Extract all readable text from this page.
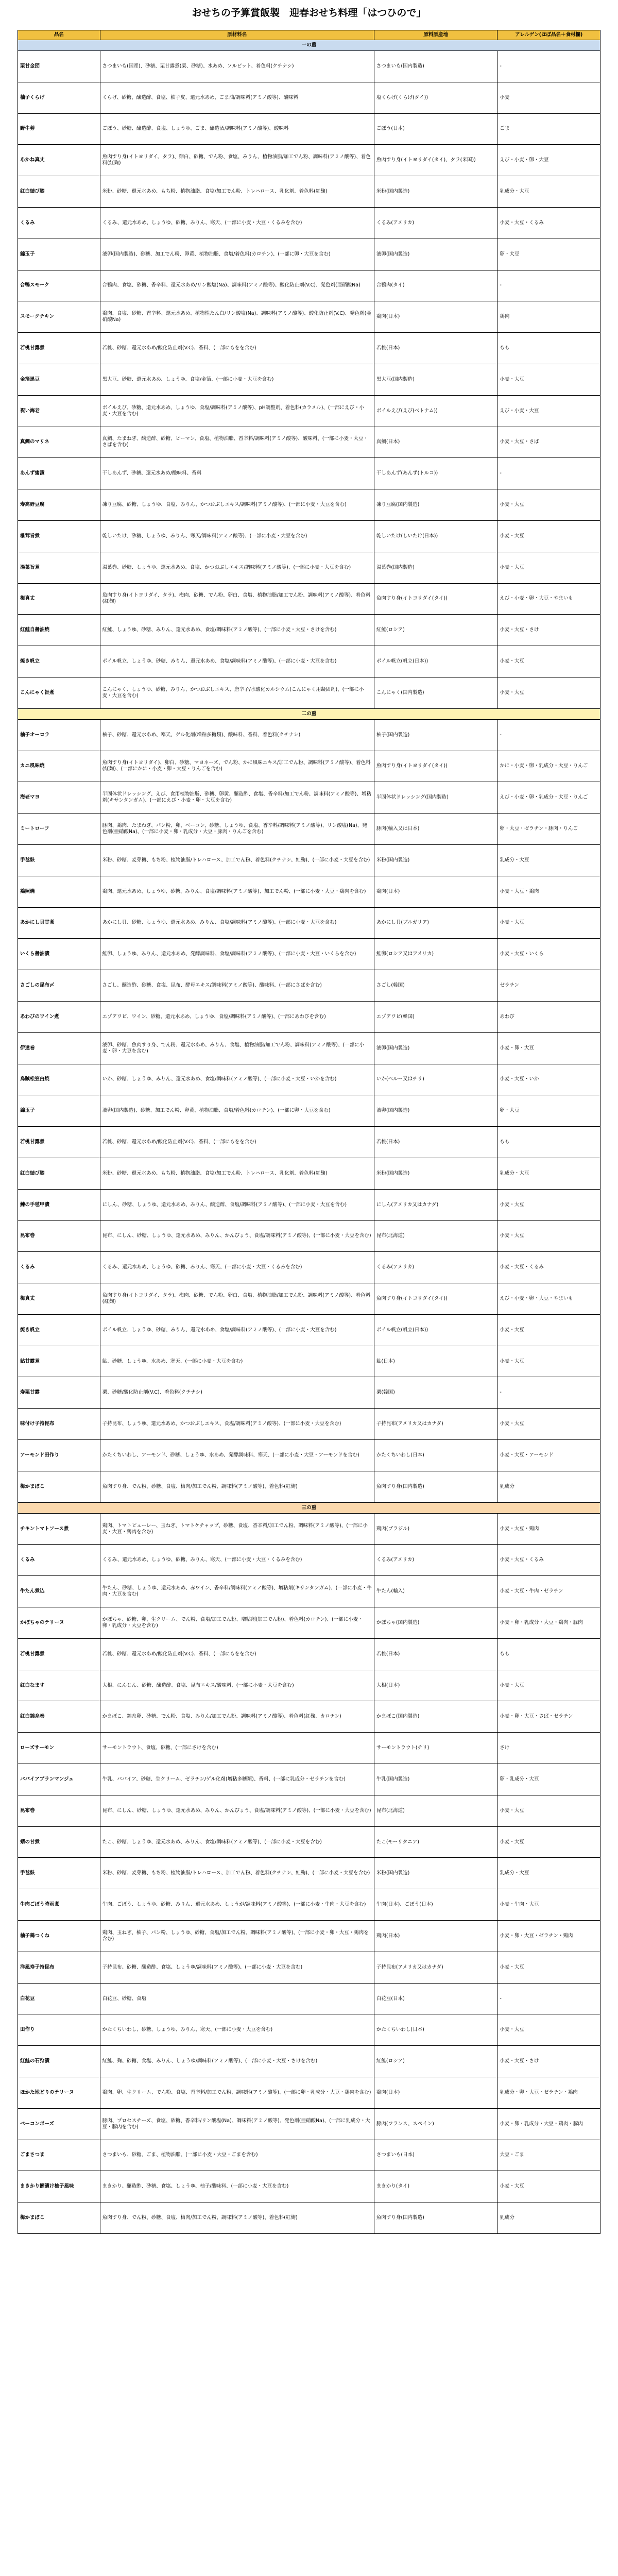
おせちの予算賞飯製　迎春おせち料理「はつひので」
品名	原材料名	原料原産地	アレルゲン(ほぼ品名＋食材欄)
一の重			
栗甘金団	さつまいも(国産)、砂糖、栗甘露煮(栗、砂糖)、水あめ、ソルビット、着色料(クチナシ)	さつまいも(国内製造)	-
柚子くらげ	くらげ、砂糖、醸造酢、食塩、柚子皮、還元水あめ、ごま油/調味料(アミノ酸等)、酸味料	塩くらげ(くらげ(タイ))	小麦
野牛蒡	ごぼう、砂糖、醸造酢、食塩、しょうゆ、ごま、醸造酒/調味料(アミノ酸等)、酸味料	ごぼう(日本)	ごま
あかね真丈	魚肉すり身(イトヨリダイ、タラ)、卵白、砂糖、でん粉、食塩、みりん、植物油脂/加工でん粉、調味料(アミノ酸等)、着色料(紅麹)	魚肉すり身(イトヨリダイ(タイ)、タラ(米国))	えび・小麦・卵・大豆
紅白結び膝	米粉、砂糖、還元水あめ、もち粉、植物油脂、食塩/加工でん粉、トレハロース、乳化剤、着色料(紅麹)	米粉(国内製造)	乳成分・大豆
くるみ	くるみ、還元水あめ、しょうゆ、砂糖、みりん、寒天、(一部に小麦・大豆・くるみを含む)	くるみ(アメリカ)	小麦・大豆・くるみ
錦玉子	液卵(国内製造)、砂糖、加工でん粉、卵黄、植物油脂、食塩/着色料(カロチン)、(一部に卵・大豆を含む)	液卵(国内製造)	卵・大豆
合鴨スモーク	合鴨肉、食塩、砂糖、香辛料、還元水あめ/リン酸塩(Na)、調味料(アミノ酸等)、酸化防止剤(V.C)、発色剤(亜硝酸Na)	合鴨肉(タイ)	-
スモークチキン	鶏肉、食塩、砂糖、香辛料、還元水あめ、植物性たん白/リン酸塩(Na)、調味料(アミノ酸等)、酸化防止剤(V.C)、発色剤(亜硝酸Na)	鶏肉(日本)	鶏肉
若桃甘露煮	若桃、砂糖、還元水あめ/酸化防止剤(V.C)、香料、(一部にもをを含む)	若桃(日本)	もも
金箔黒豆	黒大豆、砂糖、還元水あめ、しょうゆ、食塩/金箔、(一部に小麦・大豆を含む)	黒大豆(国内製造)	小麦・大豆
祝い海老	ボイルえび、砂糖、還元水あめ、しょうゆ、食塩/調味料(アミノ酸等)、pH調整剤、着色料(カラメル)、(一部にえび・小麦・大豆を含む)	ボイルえび(えび(ベトナム))	えび・小麦・大豆
真鯛のマリネ	真鯛、たまねぎ、醸造酢、砂糖、ピーマン、食塩、植物油脂、香辛料/調味料(アミノ酸等)、酸味料、(一部に小麦・大豆・さばを含む)	真鯛(日本)	小麦・大豆・さば
あんず蜜漬	干しあんず、砂糖、還元水あめ/酸味料、香料	干しあんず(あんず(トルコ))	-
寿高野豆腐	凍り豆腐、砂糖、しょうゆ、食塩、みりん、かつおぶしエキス/調味料(アミノ酸等)、(一部に小麦・大豆を含む)	凍り豆腐(国内製造)	小麦・大豆
椎茸旨煮	乾しいたけ、砂糖、しょうゆ、みりん、寒天/調味料(アミノ酸等)、(一部に小麦・大豆を含む)	乾しいたけ(しいたけ(日本))	小麦・大豆
湯葉旨煮	湯葉巻、砂糖、しょうゆ、還元水あめ、食塩、かつおぶしエキス/調味料(アミノ酸等)、(一部に小麦・大豆を含む)	湯葉巻(国内製造)	小麦・大豆
梅真丈	魚肉すり身(イトヨリダイ、タラ)、梅肉、砂糖、でん粉、卵白、食塩、植物油脂/加工でん粉、調味料(アミノ酸等)、着色料(紅麹)	魚肉すり身(イトヨリダイ(タイ))	えび・小麦・卵・大豆・やまいも
紅鮭自醤油焼	紅鮭、しょうゆ、砂糖、みりん、還元水あめ、食塩/調味料(アミノ酸等)、(一部に小麦・大豆・さけを含む)	紅鮭(ロシア)	小麦・大豆・さけ
焼き帆立	ボイル帆立、しょうゆ、砂糖、みりん、還元水あめ、食塩/調味料(アミノ酸等)、(一部に小麦・大豆を含む)	ボイル帆立(帆立(日本))	小麦・大豆
こんにゃく旨煮	こんにゃく、しょうゆ、砂糖、みりん、かつおぶしエキス、唐辛子/水酸化カルシウム(こんにゃく用凝固剤)、(一部に小麦・大豆を含む)	こんにゃく(国内製造)	小麦・大豆
二の重			
柚子オーロラ	柚子、砂糖、還元水あめ、寒天、ゲル化剤(増粘多糖類)、酸味料、香料、着色料(クチナシ)	柚子(国内製造)	-
カニ風味焼	魚肉すり身(イトヨリダイ)、卵白、砂糖、マヨネーズ、でん粉、かに風味エキス/加工でん粉、調味料(アミノ酸等)、着色料(紅麹)、(一部にかに・小麦・卵・大豆・りんごを含む)	魚肉すり身(イトヨリダイ(タイ))	かに・小麦・卵・乳成分・大豆・りんご
海老マヨ	半固体状ドレッシング、えび、食用植物油脂、砂糖、卵黄、醸造酢、食塩、香辛料/加工でん粉、調味料(アミノ酸等)、増粘剤(キサンタンガム)、(一部にえび・小麦・卵・大豆を含む)	半固体状ドレッシング(国内製造)	えび・小麦・卵・乳成分・大豆・りんご
ミートローフ	豚肉、鶏肉、たまねぎ、パン粉、卵、ベーコン、砂糖、しょうゆ、食塩、香辛料/調味料(アミノ酸等)、リン酸塩(Na)、発色剤(亜硝酸Na)、(一部に小麦・卵・乳成分・大豆・豚肉・りんごを含む)	豚肉(輸入又は日本)	卵・大豆・ゼラチン・豚肉・りんご
手毬麩	米粉、砂糖、麦芽糖、もち粉、植物油脂/トレハロース、加工でん粉、着色料(クチナシ、紅麹)、(一部に小麦・大豆を含む)	米粉(国内製造)	乳成分・大豆
鶏照焼	鶏肉、還元水あめ、しょうゆ、砂糖、みりん、食塩/調味料(アミノ酸等)、加工でん粉、(一部に小麦・大豆・鶏肉を含む)	鶏肉(日本)	小麦・大豆・鶏肉
あかにし貝甘煮	あかにし貝、砂糖、しょうゆ、還元水あめ、みりん、食塩/調味料(アミノ酸等)、(一部に小麦・大豆を含む)	あかにし貝(ブルガリア)	小麦・大豆
いくら醤油漬	鮭卵、しょうゆ、みりん、還元水あめ、発酵調味料、食塩/調味料(アミノ酸等)、(一部に小麦・大豆・いくらを含む)	鮭卵(ロシア又はアメリカ)	小麦・大豆・いくら
さごしの昆布〆	さごし、醸造酢、砂糖、食塩、昆布、酵母エキス/調味料(アミノ酸等)、酸味料、(一部にさばを含む)	さごし(韓国)	ゼラチン
あわびのワイン煮	エゾアワビ、ワイン、砂糖、還元水あめ、しょうゆ、食塩/調味料(アミノ酸等)、(一部にあわびを含む)	エゾアワビ(韓国)	あわび
伊達巻	液卵、砂糖、魚肉すり身、でん粉、還元水あめ、みりん、食塩、植物油脂/加工でん粉、調味料(アミノ酸等)、(一部に小麦・卵・大豆を含む)	液卵(国内製造)	小麦・卵・大豆
烏賊松笠白焼	いか、砂糖、しょうゆ、みりん、還元水あめ、食塩/調味料(アミノ酸等)、(一部に小麦・大豆・いかを含む)	いか(ペルー又はチリ)	小麦・大豆・いか
錦玉子	液卵(国内製造)、砂糖、加工でん粉、卵黄、植物油脂、食塩/着色料(カロチン)、(一部に卵・大豆を含む)	液卵(国内製造)	卵・大豆
若桃甘露煮	若桃、砂糖、還元水あめ/酸化防止剤(V.C)、香料、(一部にもをを含む)	若桃(日本)	もも
紅白結び膝	米粉、砂糖、還元水あめ、もち粉、植物油脂、食塩/加工でん粉、トレハロース、乳化剤、着色料(紅麹)	米粉(国内製造)	乳成分・大豆
鰊の手毬甲漬	にしん、砂糖、しょうゆ、還元水あめ、みりん、醸造酢、食塩/調味料(アミノ酸等)、(一部に小麦・大豆を含む)	にしん(アメリカ又はカナダ)	小麦・大豆
昆布巻	昆布、にしん、砂糖、しょうゆ、還元水あめ、みりん、かんぴょう、食塩/調味料(アミノ酸等)、(一部に小麦・大豆を含む)	昆布(北海道)	小麦・大豆
くるみ	くるみ、還元水あめ、しょうゆ、砂糖、みりん、寒天、(一部に小麦・大豆・くるみを含む)	くるみ(アメリカ)	小麦・大豆・くるみ
梅真丈	魚肉すり身(イトヨリダイ、タラ)、梅肉、砂糖、でん粉、卵白、食塩、植物油脂/加工でん粉、調味料(アミノ酸等)、着色料(紅麹)	魚肉すり身(イトヨリダイ(タイ))	えび・小麦・卵・大豆・やまいも
焼き帆立	ボイル帆立、しょうゆ、砂糖、みりん、還元水あめ、食塩/調味料(アミノ酸等)、(一部に小麦・大豆を含む)	ボイル帆立(帆立(日本))	小麦・大豆
鮎甘露煮	鮎、砂糖、しょうゆ、水あめ、寒天、(一部に小麦・大豆を含む)	鮎(日本)	小麦・大豆
寿栗甘露	栗、砂糖/酸化防止剤(V.C)、着色料(クチナシ)	栗(韓国)	-
味付け子持昆布	子持昆布、しょうゆ、還元水あめ、かつおぶしエキス、食塩/調味料(アミノ酸等)、(一部に小麦・大豆を含む)	子持昆布(アメリカ又はカナダ)	小麦・大豆
アーモンド田作り	かたくちいわし、アーモンド、砂糖、しょうゆ、水あめ、発酵調味料、寒天、(一部に小麦・大豆・アーモンドを含む)	かたくちいわし(日本)	小麦・大豆・アーモンド
梅かまぼこ	魚肉すり身、でん粉、砂糖、食塩、梅肉/加工でん粉、調味料(アミノ酸等)、着色料(紅麹)	魚肉すり身(国内製造)	乳成分
三の重			
チキントマトソース煮	鶏肉、トマトピューレー、玉ねぎ、トマトケチャップ、砂糖、食塩、香辛料/加工でん粉、調味料(アミノ酸等)、(一部に小麦・大豆・鶏肉を含む)	鶏肉(ブラジル)	小麦・大豆・鶏肉
くるみ	くるみ、還元水あめ、しょうゆ、砂糖、みりん、寒天、(一部に小麦・大豆・くるみを含む)	くるみ(アメリカ)	小麦・大豆・くるみ
牛たん煮込	牛たん、砂糖、しょうゆ、還元水あめ、赤ワイン、香辛料/調味料(アミノ酸等)、増粘剤(キサンタンガム)、(一部に小麦・牛肉・大豆を含む)	牛たん(輸入)	小麦・大豆・牛肉・ゼラチン
かぼちゃのテリーヌ	かぼちゃ、砂糖、卵、生クリーム、でん粉、食塩/加工でん粉、増粘剤(加工でん粉)、着色料(カロチン)、(一部に小麦・卵・乳成分・大豆を含む)	かぼちゃ(国内製造)	小麦・卵・乳成分・大豆・鶏肉・豚肉
若桃甘露煮	若桃、砂糖、還元水あめ/酸化防止剤(V.C)、香料、(一部にもをを含む)	若桃(日本)	もも
紅白なます	大根、にんじん、砂糖、醸造酢、食塩、昆布エキス/酸味料、(一部に小麦・大豆を含む)	大根(日本)	小麦・大豆
紅白錦糸巻	かまぼこ、錦糸卵、砂糖、でん粉、食塩、みりん/加工でん粉、調味料(アミノ酸等)、着色料(紅麹、カロチン)	かまぼこ(国内製造)	小麦・卵・大豆・さば・ゼラチン
ローズサーモン	サーモントラウト、食塩、砂糖、(一部にさけを含む)	サーモントラウト(チリ)	さけ
パパイアブランマンジェ	牛乳、パパイア、砂糖、生クリーム、ゼラチン/ゲル化剤(増粘多糖類)、香料、(一部に乳成分・ゼラチンを含む)	牛乳(国内製造)	卵・乳成分・大豆
昆布巻	昆布、にしん、砂糖、しょうゆ、還元水あめ、みりん、かんぴょう、食塩/調味料(アミノ酸等)、(一部に小麦・大豆を含む)	昆布(北海道)	小麦・大豆
蛸の甘煮	たこ、砂糖、しょうゆ、還元水あめ、みりん、食塩/調味料(アミノ酸等)、(一部に小麦・大豆を含む)	たこ(モーリタニア)	小麦・大豆
手毬麩	米粉、砂糖、麦芽糖、もち粉、植物油脂/トレハロース、加工でん粉、着色料(クチナシ、紅麹)、(一部に小麦・大豆を含む)	米粉(国内製造)	乳成分・大豆
牛肉ごぼう時雨煮	牛肉、ごぼう、しょうゆ、砂糖、みりん、還元水あめ、しょうが/調味料(アミノ酸等)、(一部に小麦・牛肉・大豆を含む)	牛肉(日本)、ごぼう(日本)	小麦・牛肉・大豆
柚子鶏つくね	鶏肉、玉ねぎ、柚子、パン粉、しょうゆ、砂糖、食塩/加工でん粉、調味料(アミノ酸等)、(一部に小麦・卵・大豆・鶏肉を含む)	鶏肉(日本)	小麦・卵・大豆・ゼラチン・鶏肉
洋風寿子持昆布	子持昆布、砂糖、醸造酢、食塩、しょうゆ/調味料(アミノ酸等)、(一部に小麦・大豆を含む)	子持昆布(アメリカ又はカナダ)	小麦・大豆
白花豆	白花豆、砂糖、食塩	白花豆(日本)	-
田作り	かたくちいわし、砂糖、しょうゆ、みりん、寒天、(一部に小麦・大豆を含む)	かたくちいわし(日本)	小麦・大豆
紅鮭の石狩漬	紅鮭、麹、砂糖、食塩、みりん、しょうゆ/調味料(アミノ酸等)、(一部に小麦・大豆・さけを含む)	紅鮭(ロシア)	小麦・大豆・さけ
ほかた地どりのテリーヌ	鶏肉、卵、生クリーム、でん粉、食塩、香辛料/加工でん粉、調味料(アミノ酸等)、(一部に卵・乳成分・大豆・鶏肉を含む)	鶏肉(日本)	乳成分・卵・大豆・ゼラチン・鶏肉
ベーコンポーズ	豚肉、プロセスチーズ、食塩、砂糖、香辛料/リン酸塩(Na)、調味料(アミノ酸等)、発色剤(亜硝酸Na)、(一部に乳成分・大豆・豚肉を含む)	豚肉(フランス、スペイン)	小麦・卵・乳成分・大豆・鶏肉・豚肉
ごまさつま	さつまいも、砂糖、ごま、植物油脂、(一部に小麦・大豆・ごまを含む)	さつまいも(日本)	大豆・ごま
まきかり鰹漬け柚子風味	まきかり、醸造酢、砂糖、食塩、しょうゆ、柚子/酸味料、(一部に小麦・大豆を含む)	まきかり(タイ)	小麦・大豆
梅かまぼこ	魚肉すり身、でん粉、砂糖、食塩、梅肉/加工でん粉、調味料(アミノ酸等)、着色料(紅麹)	魚肉すり身(国内製造)	乳成分
